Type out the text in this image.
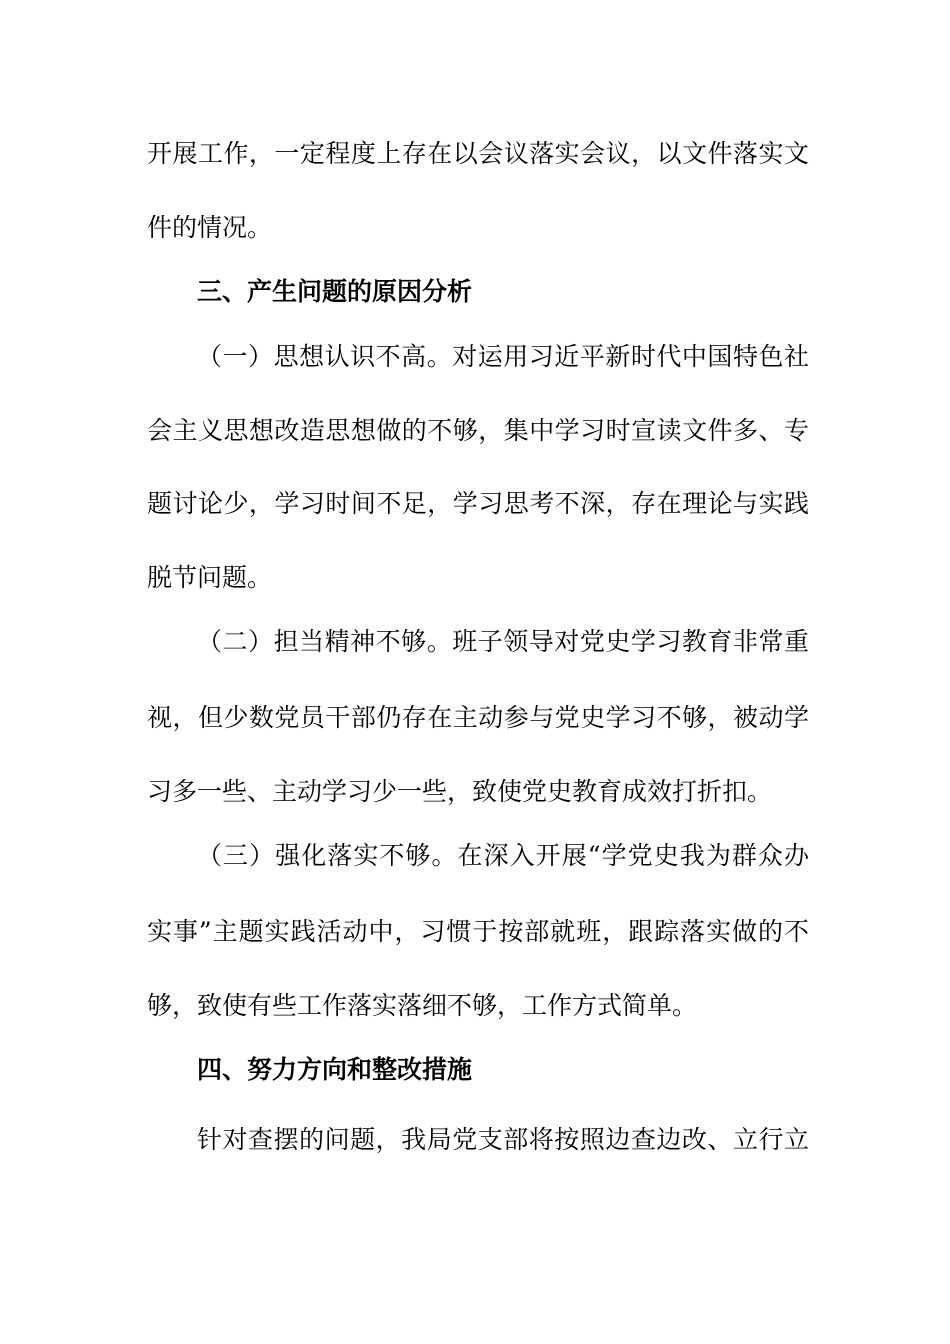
开展工作，一定程度上存在以会议落实会议，以文件落实文
件的情况。
三、产生问题的原因分析
（一）思想认识不高。对运用习近平新时代中国特色社
会主义思想改造思想做的不够，集中学习时宣读文件多、专
题讨论少，学习时间不足，学习思考不深，存在理论与实践
脱节问题。
（二）担当精神不够。班子领导对党史学习教育非常重
视，但少数党员干部仍存在主动参与党史学习不够，被动学
习多一些、主动学习少一些，致使党史教育成效打折扣。
（三）强化落实不够。在深入开展“学党史我为群众办
实事”主题实践活动中，习惯于按部就班，跟踪落实做的不
够，致使有些工作落实落细不够，工作方式简单。
四、努力方向和整改措施
针对查摆的问题，我局党支部将按照边查边改、立行立
